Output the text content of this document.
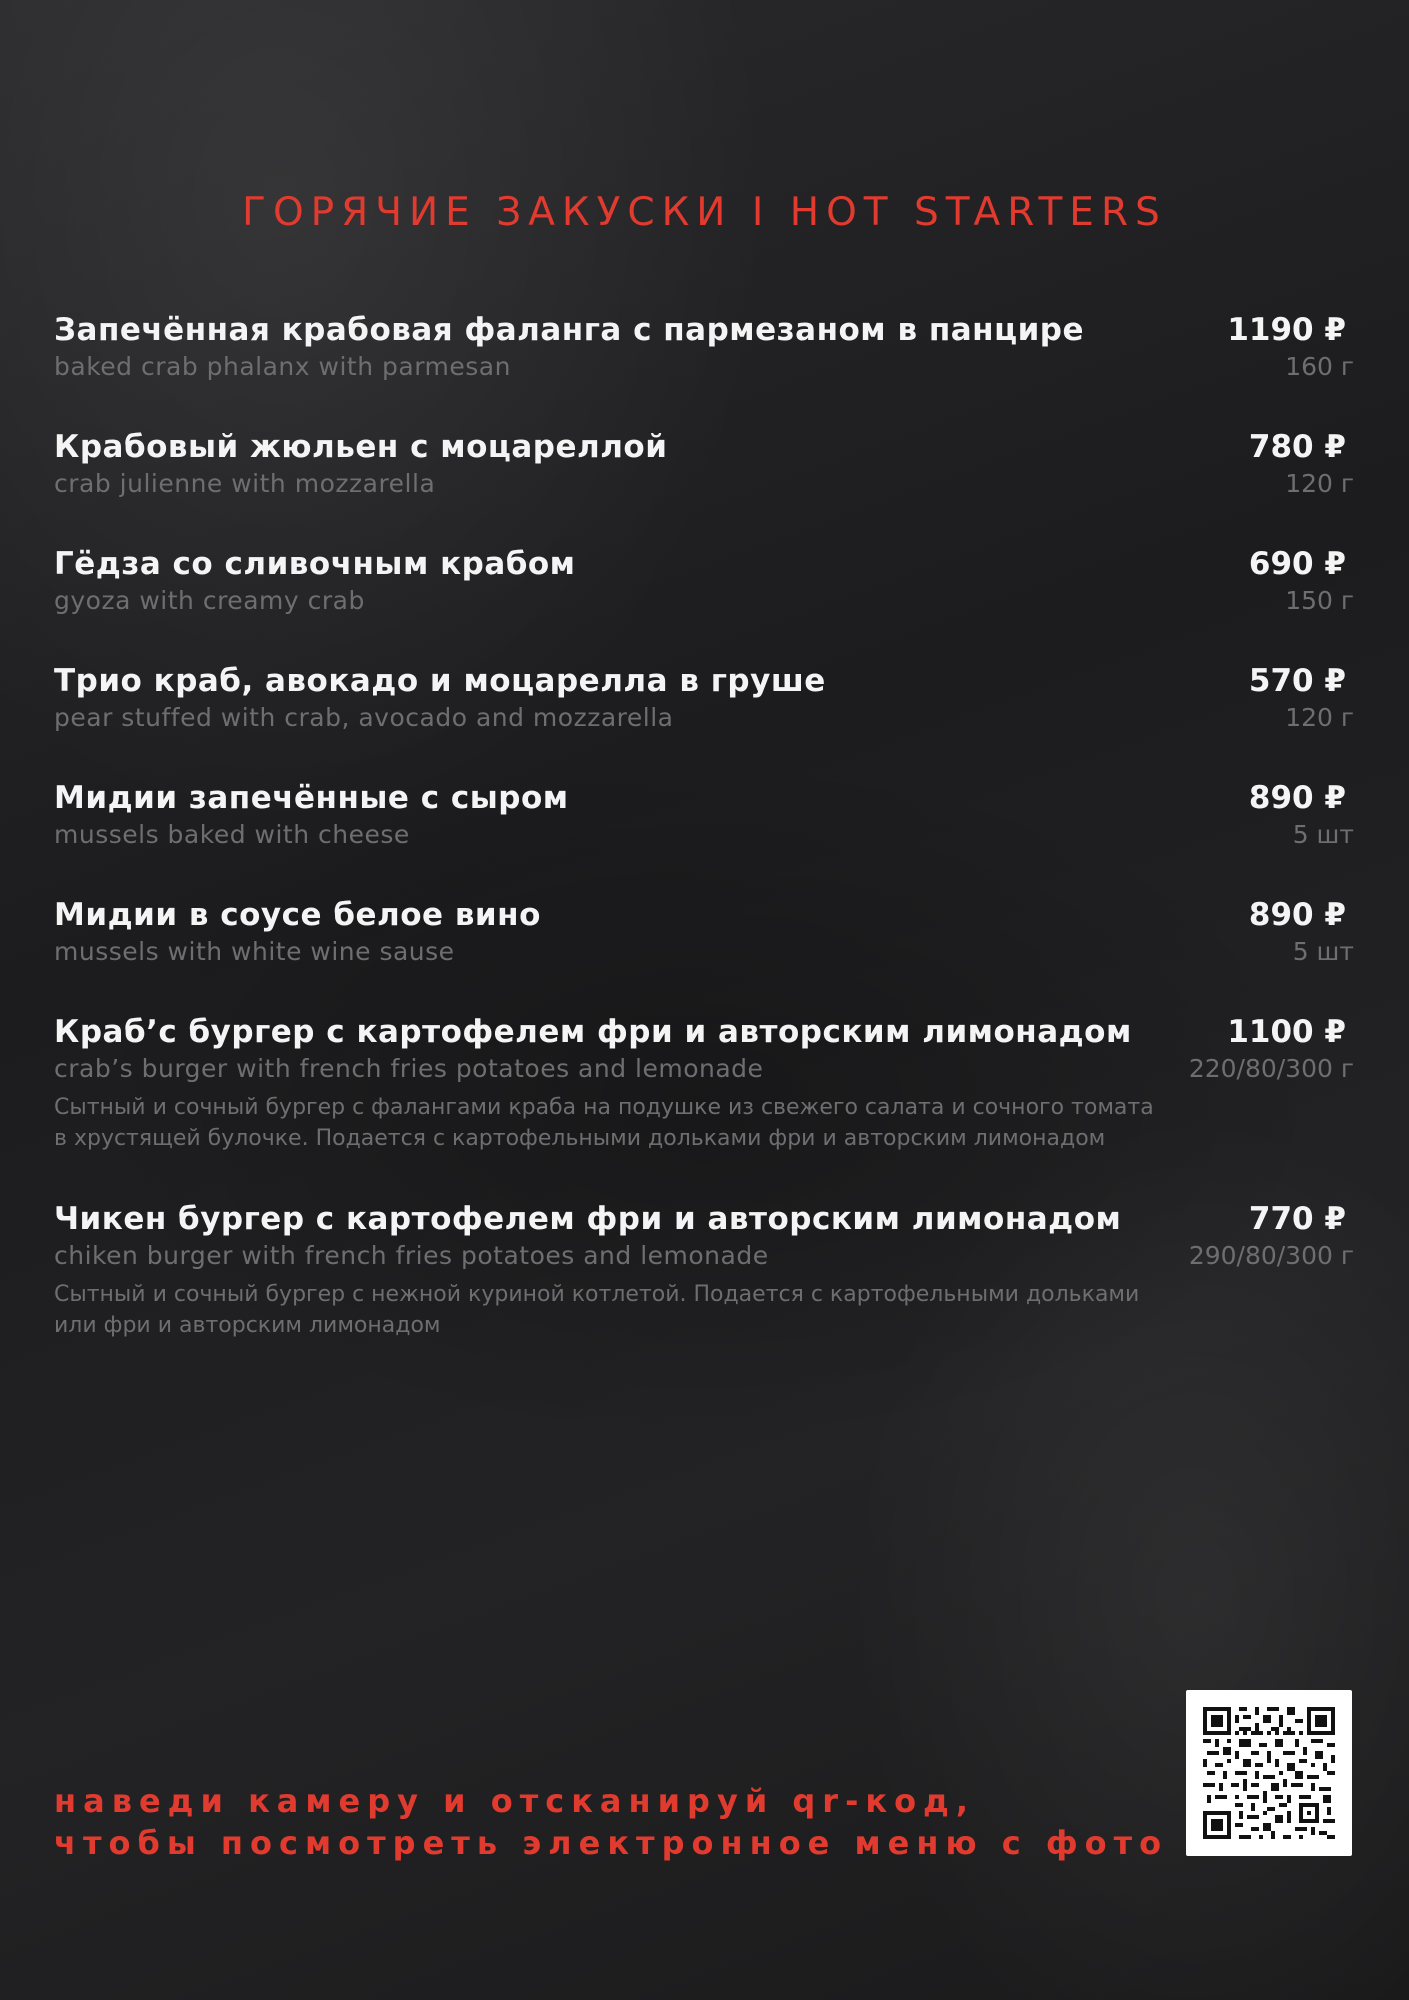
ГОРЯЧИЕ ЗАКУСКИ I HOT STARTERS
Запечённая крабовая фаланга с пармезаном в панцире	1190 ₽
baked crab phalanx with parmesan	160 г
Крабовый жюльен с моцареллой	780 ₽
crab julienne with mozzarella	120 г
Гёдза со сливочным крабом	690 ₽
gyoza with creamy crab	150 г
Трио краб, авокадо и моцарелла в груше	570 ₽
pear stuffed with crab, avocado and mozzarella	120 г
Мидии запечённые с сыром	890 ₽
mussels baked with cheese	5 шт
Мидии в соусе белое вино	890 ₽
mussels with white wine sause	5 шт
Краб’с бургер с картофелем фри и авторским лимонадом	1100 ₽
crab’s burger with french fries potatoes and lemonade	220/80/300 г
Сытный и сочный бургер с фалангами краба на подушке из свежего салата и сочного томата
в хрустящей булочке. Подается с картофельными дольками фри и авторским лимонадом
Чикен бургер с картофелем фри и авторским лимонадом	770 ₽
chiken burger with french fries potatoes and lemonade	290/80/300 г
Сытный и сочный бургер с нежной куриной котлетой. Подается с картофельными дольками
или фри и авторским лимонадом
наведи камеру и отсканируй qr-код,
чтобы посмотреть электронное меню с фото
